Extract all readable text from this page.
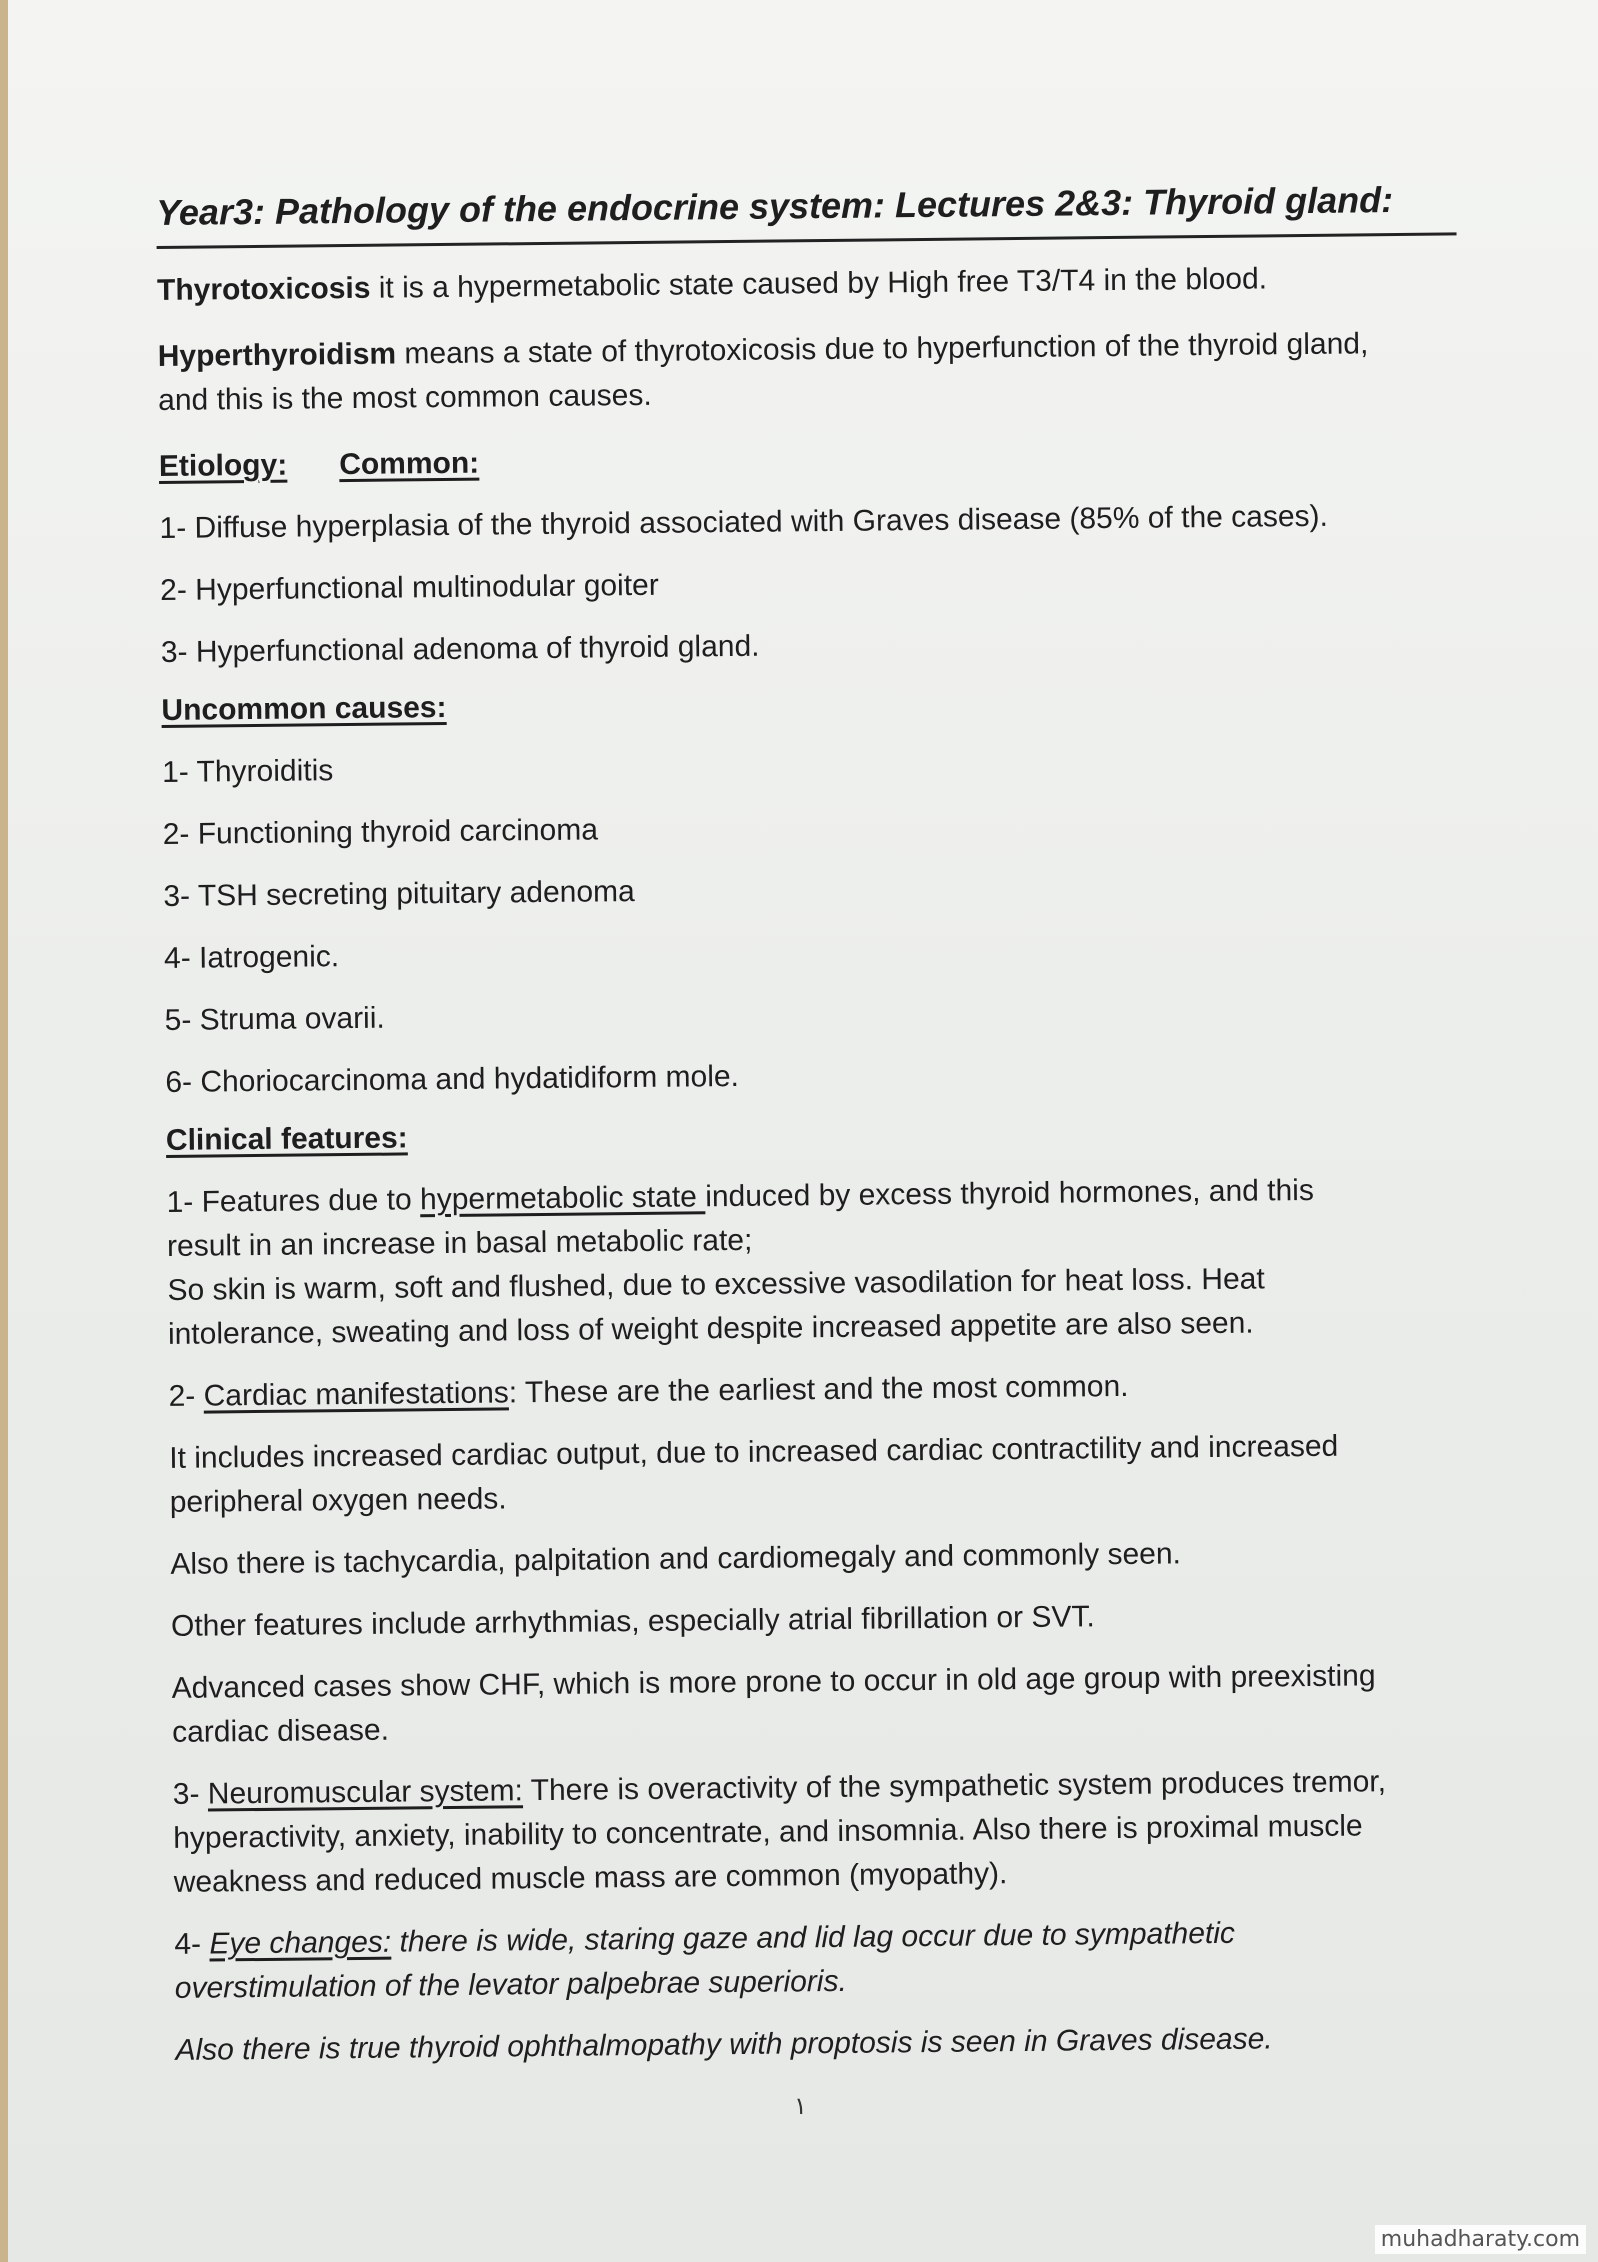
Year3: Pathology of the endocrine system: Lectures 2&3: Thyroid gland:

Thyrotoxicosis it is a hypermetabolic state caused by High free T3/T4 in the blood.

Hyperthyroidism means a state of thyrotoxicosis due to hyperfunction of the thyroid gland,
and this is the most common causes.

Etiology: Common:

1- Diffuse hyperplasia of the thyroid associated with Graves disease (85% of the cases).

2- Hyperfunctional multinodular goiter

3- Hyperfunctional adenoma of thyroid gland.

Uncommon causes:

1- Thyroiditis

2- Functioning thyroid carcinoma

3- TSH secreting pituitary adenoma

4- Iatrogenic.

5- Struma ovarii.

6- Choriocarcinoma and hydatidiform mole.

Clinical features:

1- Features due to hypermetabolic state induced by excess thyroid hormones, and this
result in an increase in basal metabolic rate;
So skin is warm, soft and flushed, due to excessive vasodilation for heat loss. Heat
intolerance, sweating and loss of weight despite increased appetite are also seen.

2- Cardiac manifestations: These are the earliest and the most common.

It includes increased cardiac output, due to increased cardiac contractility and increased
peripheral oxygen needs.

Also there is tachycardia, palpitation and cardiomegaly and commonly seen.

Other features include arrhythmias, especially atrial fibrillation or SVT.

Advanced cases show CHF, which is more prone to occur in old age group with preexisting
cardiac disease.

3- Neuromuscular system: There is overactivity of the sympathetic system produces tremor,
hyperactivity, anxiety, inability to concentrate, and insomnia. Also there is proximal muscle
weakness and reduced muscle mass are common (myopathy).

4- Eye changes: there is wide, staring gaze and lid lag occur due to sympathetic
overstimulation of the levator palpebrae superioris.

Also there is true thyroid ophthalmopathy with proptosis is seen in Graves disease.

١
muhadharaty.com
